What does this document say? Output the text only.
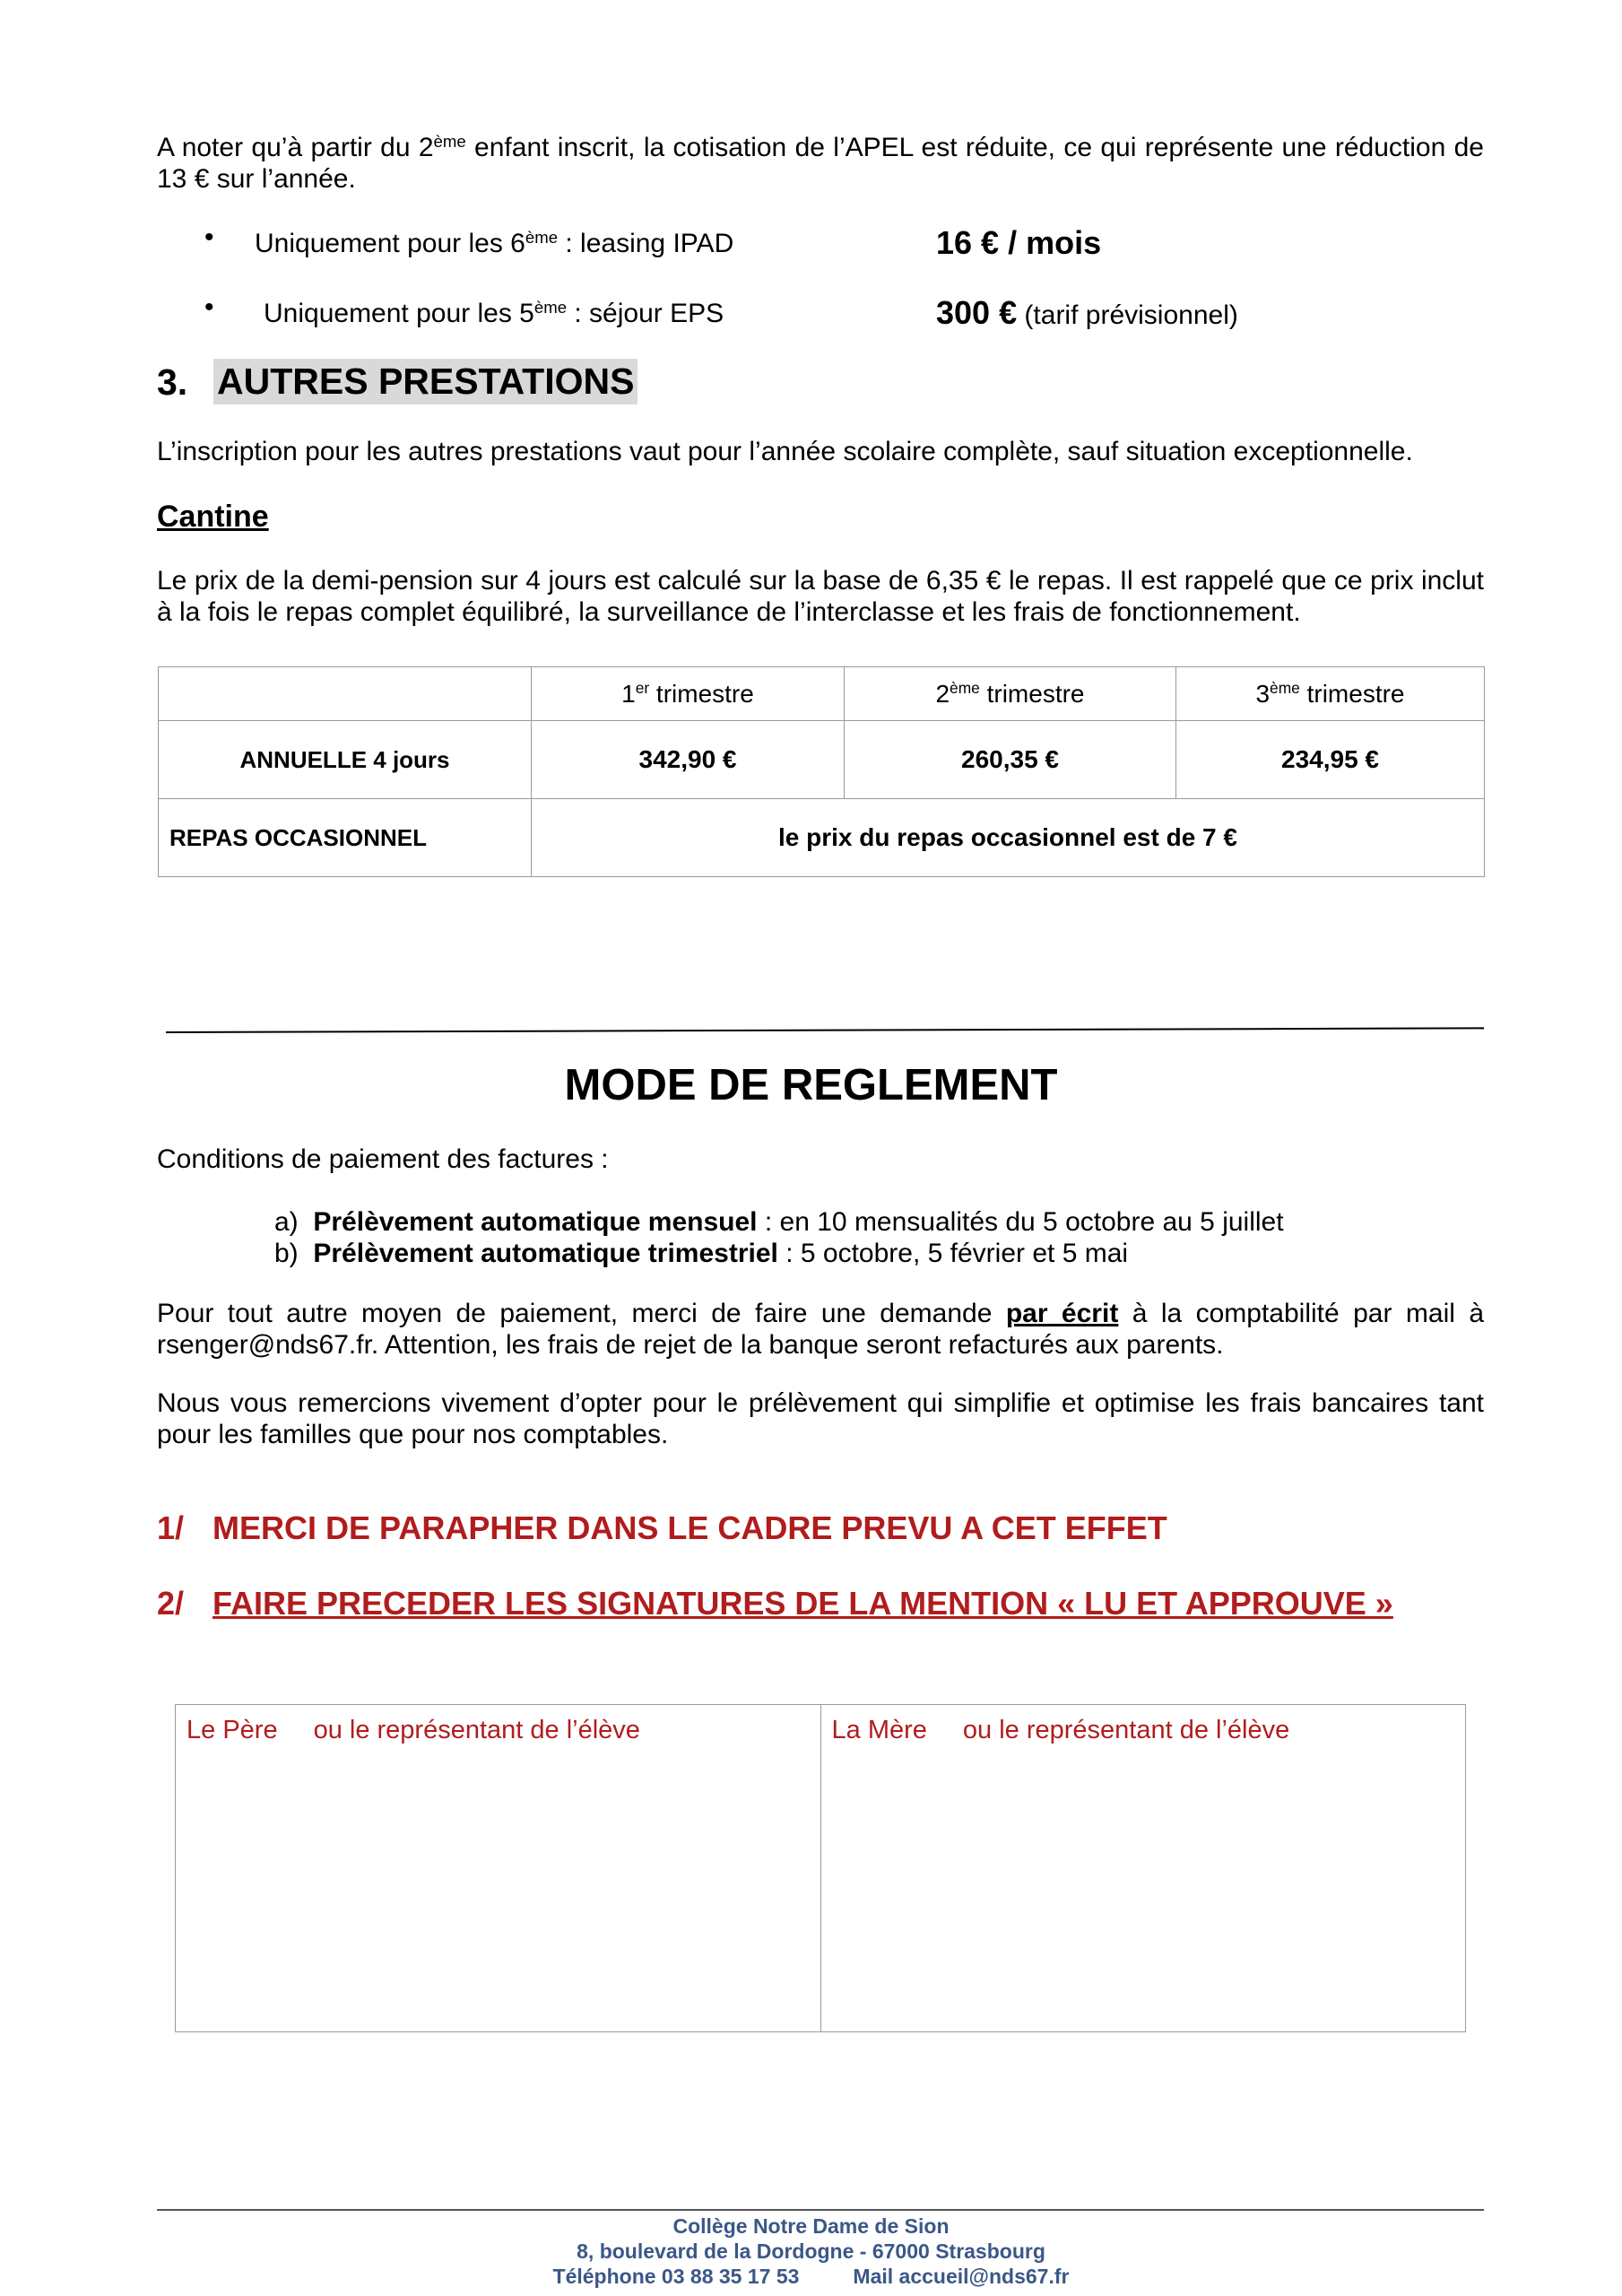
A noter qu’à partir du 2ème enfant inscrit, la cotisation de l’APEL est réduite, ce qui représente une réduction de 13 € sur l’année.
• Uniquement pour les 6ème : leasing IPAD	16 € / mois
• Uniquement pour les 5ème : séjour EPS	300 € (tarif prévisionnel)
3. AUTRES PRESTATIONS
L’inscription pour les autres prestations vaut pour l’année scolaire complète, sauf situation exceptionnelle.
Cantine
Le prix de la demi-pension sur 4 jours est calculé sur la base de 6,35 € le repas. Il est rappelé que ce prix inclut à la fois le repas complet équilibré, la surveillance de l’interclasse et les frais de fonctionnement.
	1er trimestre	2ème trimestre	3ème trimestre
ANNUELLE 4 jours	342,90 €	260,35 €	234,95 €
REPAS OCCASIONNEL	le prix du repas occasionnel est de 7 €		
MODE DE REGLEMENT
Conditions de paiement des factures :
a) Prélèvement automatique mensuel : en 10 mensualités du 5 octobre au 5 juillet
b) Prélèvement automatique trimestriel : 5 octobre, 5 février et 5 mai
Pour tout autre moyen de paiement, merci de faire une demande par écrit à la comptabilité par mail à rsenger@nds67.fr. Attention, les frais de rejet de la banque seront refacturés aux parents.
Nous vous remercions vivement d’opter pour le prélèvement qui simplifie et optimise les frais bancaires tant pour les familles que pour nos comptables.
1/ MERCI DE PARAPHER DANS LE CADRE PREVU A CET EFFET
2/ FAIRE PRECEDER LES SIGNATURES DE LA MENTION « LU ET APPROUVE »
Le Père ou le représentant de l’élève	La Mère ou le représentant de l’élève
Collège Notre Dame de Sion
8, boulevard de la Dordogne - 67000 Strasbourg
Téléphone 03 88 35 17 53	Mail accueil@nds67.fr
